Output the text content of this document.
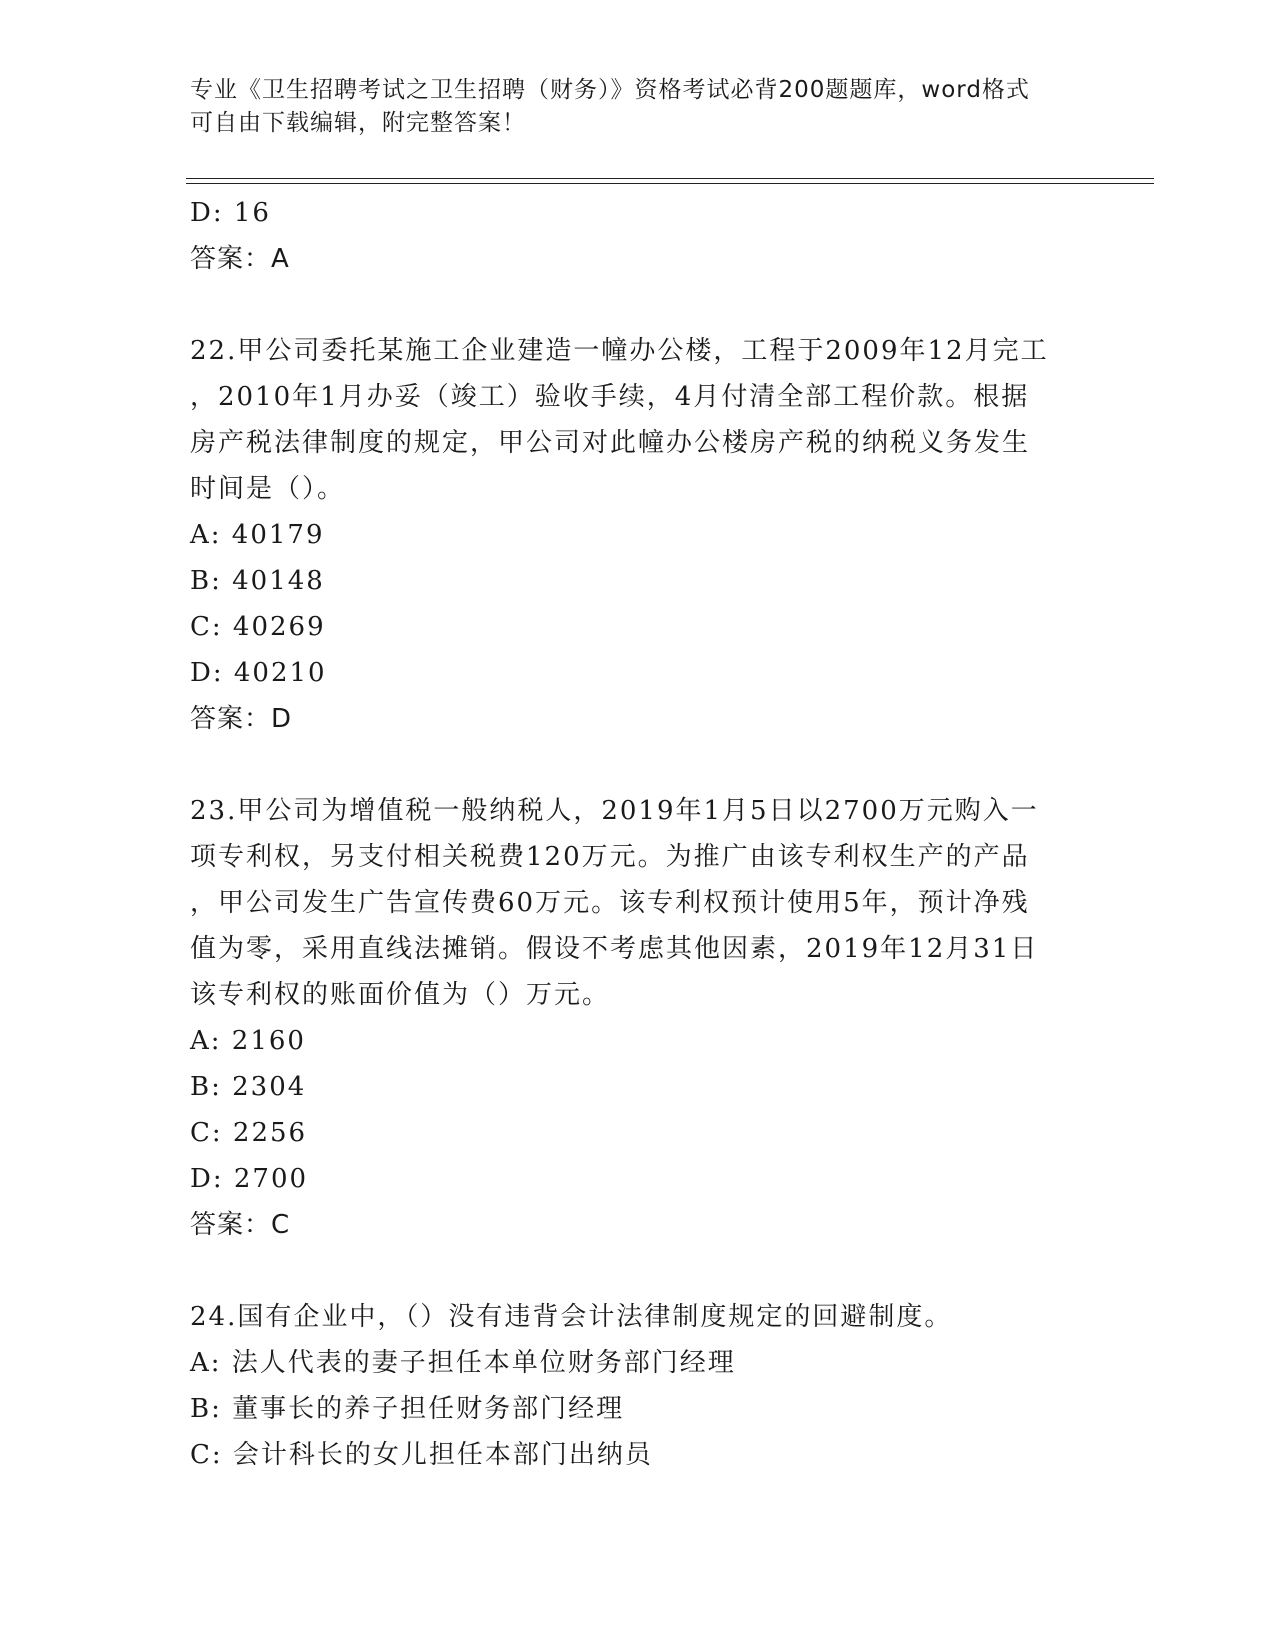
专业《卫生招聘考试之卫生招聘（财务）》资格考试必背200题题库，word格式
可自由下载编辑，附完整答案！
D: 16
答案：A
22.甲公司委托某施工企业建造一幢办公楼，工程于2009年12月完工
，2010年1月办妥（竣工）验收手续，4月付清全部工程价款。根据
房产税法律制度的规定，甲公司对此幢办公楼房产税的纳税义务发生
时间是（）。
A: 40179
B: 40148
C: 40269
D: 40210
答案：D
23.甲公司为增值税一般纳税人，2019年1月5日以2700万元购入一
项专利权，另支付相关税费120万元。为推广由该专利权生产的产品
，甲公司发生广告宣传费60万元。该专利权预计使用5年，预计净残
值为零，采用直线法摊销。假设不考虑其他因素，2019年12月31日
该专利权的账面价值为（）万元。
A: 2160
B: 2304
C: 2256
D: 2700
答案：C
24.国有企业中，（）没有违背会计法律制度规定的回避制度。
A: 法人代表的妻子担任本单位财务部门经理
B: 董事长的养子担任财务部门经理
C: 会计科长的女儿担任本部门出纳员
